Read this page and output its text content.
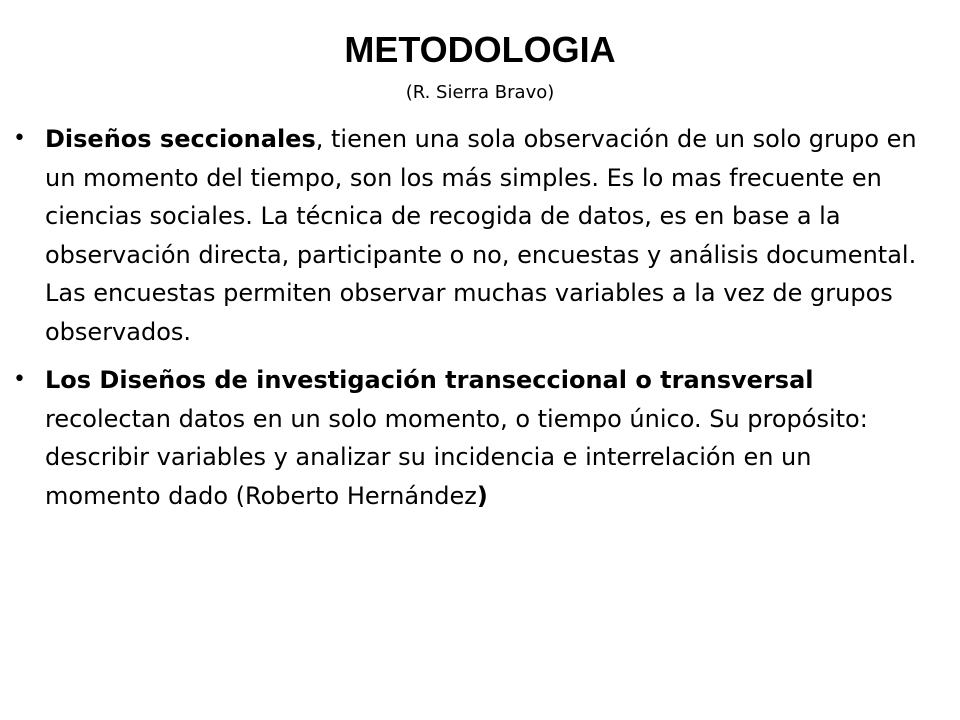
METODOLOGIA
(R. Sierra Bravo)
• Diseños seccionales, tienen una sola observación de un solo grupo en un momento del tiempo, son los más simples. Es lo mas frecuente en ciencias sociales. La técnica de recogida de datos, es en base a la observación directa, participante o no, encuestas y análisis documental. Las encuestas permiten observar muchas variables a la vez de grupos observados.
• Los Diseños de investigación transeccional o transversal recolectan datos en un solo momento, o tiempo único. Su propósito: describir variables y analizar su incidencia e interrelación en un momento dado (Roberto Hernández)
